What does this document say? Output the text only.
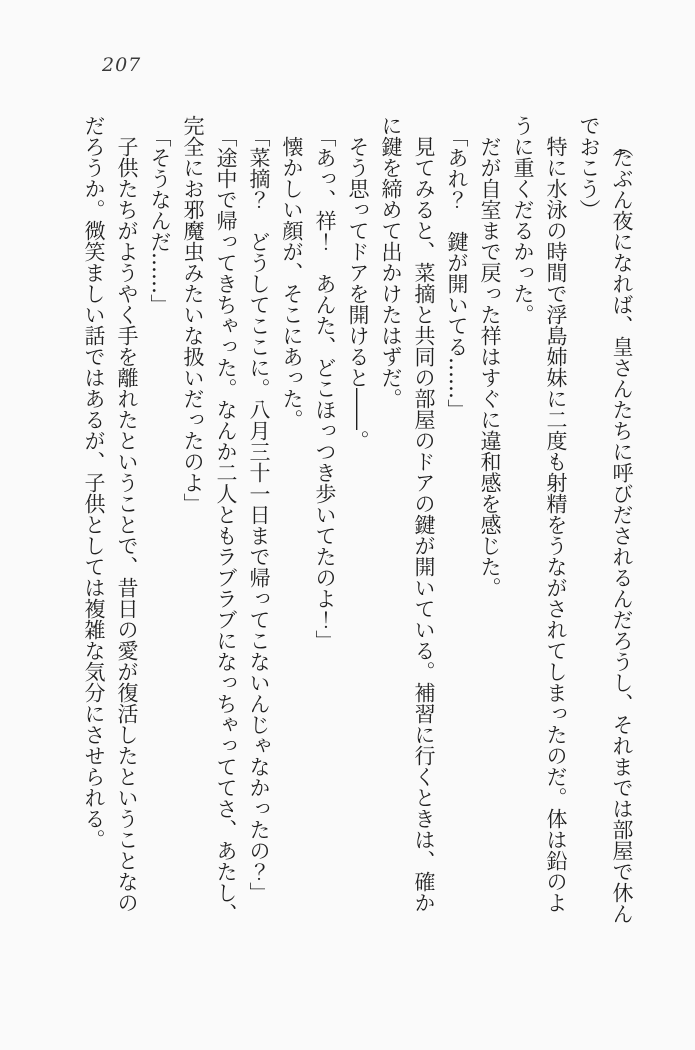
207

（たぶん夜になれば、皇さんたちに呼びだされるんだろうし、それまでは部屋で休んでおこう）

特に水泳の時間で浮島姉妹に二度も射精をうながされてしまったのだ。体は鉛のように重くだるかった。

だが自室まで戻った祥はすぐに違和感を感じた。

「あれ？　鍵が開いてる……」

見てみると、菜摘と共同の部屋のドアの鍵が開いている。補習に行くときは、確かに鍵を締めて出かけたはずだ。

そう思ってドアを開けると――。

「あっ、祥！　あんた、どこほっつき歩いてたのよ！」

懐かしい顔が、そこにあった。

「菜摘？　どうしてここに。八月三十一日まで帰ってこないんじゃなかったの？」

「途中で帰ってきちゃった。なんか二人ともラブラブになっちゃっててさ、あたし、完全にお邪魔虫みたいな扱いだったのよ」

「そうなんだ……」

子供たちがようやく手を離れたということで、昔日の愛が復活したということなのだろうか。微笑ましい話ではあるが、子供としては複雑な気分にさせられる。
